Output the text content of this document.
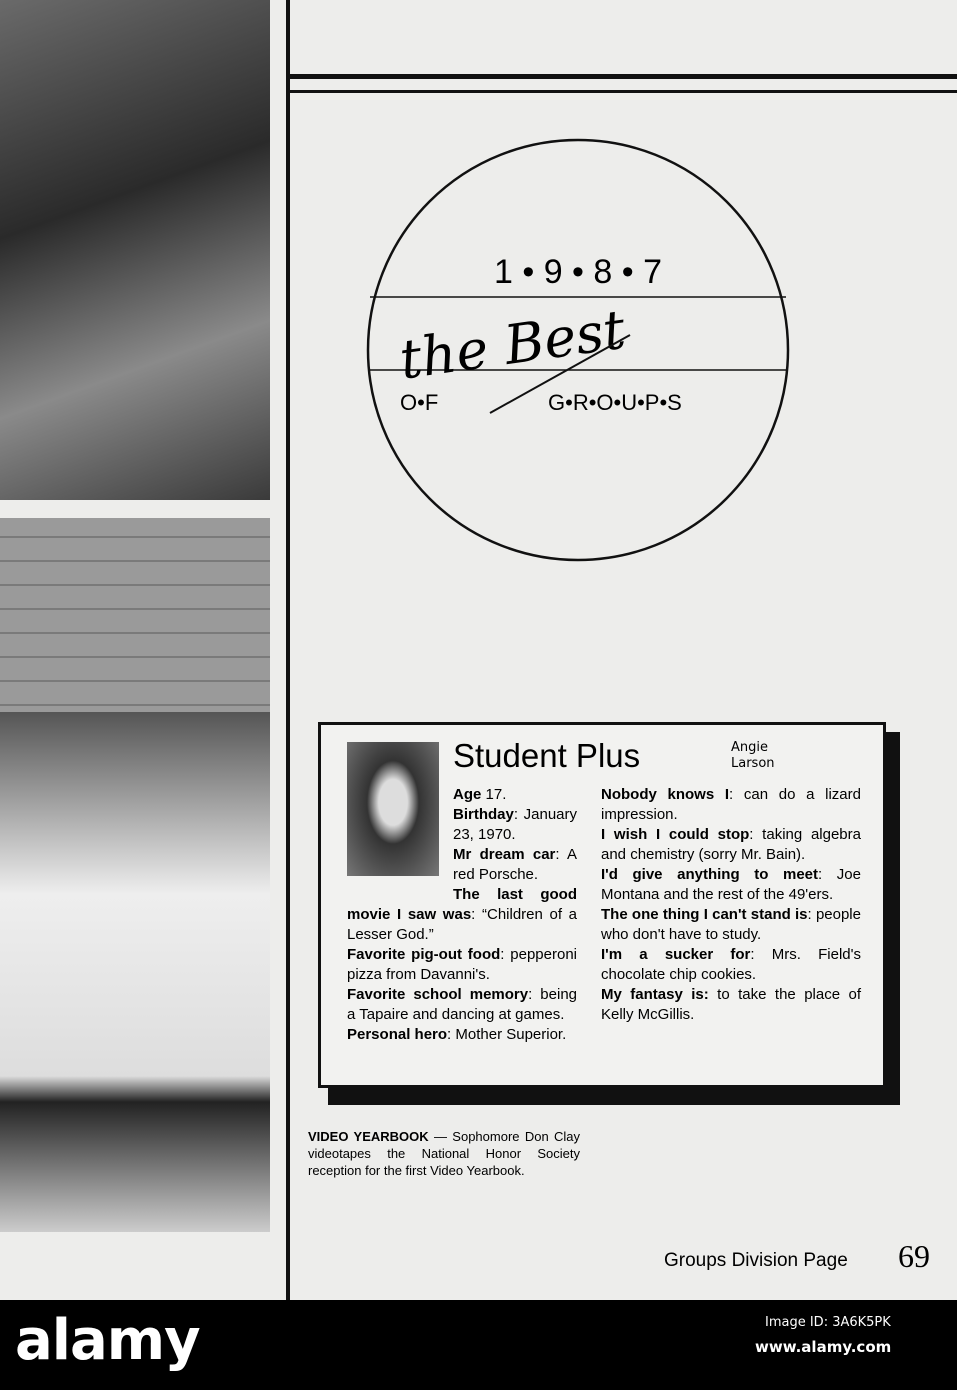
1 • 9 • 8 • 7
the Best
O•F	G•R•O•U•P•S
Student Plus	Angie
Larson

Age 17.

Birthday: January 23, 1970.

Mr dream car: A red Porsche.

The last good movie I saw was: “Children of a Lesser God.”

Favorite pig-out food: pepperoni pizza from Davanni's.

Favorite school memory: being a Tapaire and dancing at games.

Personal hero: Mother Superior.

Nobody knows I: can do a lizard impression.

I wish I could stop: taking algebra and chemistry (sorry Mr. Bain).

I'd give anything to meet: Joe Montana and the rest of the 49'ers.

The one thing I can't stand is: people who don't have to study.

I'm a sucker for: Mrs. Field's chocolate chip cookies.

My fantasy is: to take the place of Kelly McGillis.

VIDEO YEARBOOK — Sophomore Don Clay videotapes the National Honor Society reception for the first Video Yearbook.
Groups Division Page 69
alamy	Image ID: 3A6K5PK
www.alamy.com
